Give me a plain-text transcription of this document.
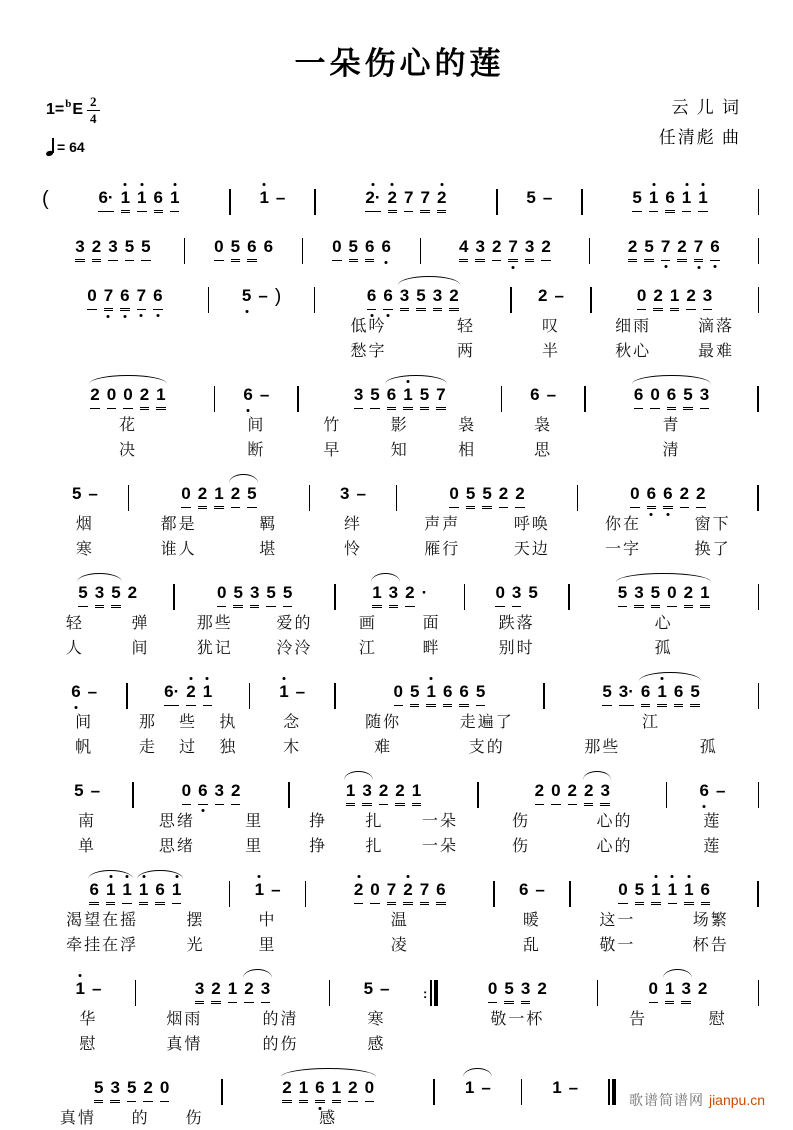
一朵伤心的莲
1= b E $\frac{2}{4}$
= 64
云 儿 词
任清彪 曲
(	6· 1 1 6 1	1 –	2· 2 7 7 2	5 –	5 1 6 1 1
3 2 3 5 5	0 5 6 6	0 5 6 6	4 3 2 7 3 2	2 5 7 2 7 6
0 7 6 7 6	5 – )	6 6 3 5 3 2
低吟	轻
愁字	两
2 –
叹
半
0 2 1 2 3
细雨	滴落
秋心	最难
2 0 0 2 1
花
决
6 –
间
断
3 5 6 1 5 7
竹	影	袅
早	知	相
6 –
袅
思
6 0 6 5 3
青
清
5 –
烟
寒
0 2 1 2 5
都是	羁
谁人	堪
3 –
绊
怜
0 5 5 2 2
声声	呼唤
雁行	天边
0 6 6 2 2
你在	窗下
一字	换了
5 3 5 2
轻	弹
人	间
0 5 3 5 5
那些	爱的
犹记	泠泠
1 3 2 ·
画	面
江	畔
0 3 5
跌落
别时
5 3 5 0 2 1
心
孤
6 –
间
帆
6· 2 1
那 些 执
走 过 独
1 –
念
木
0 5 1 6 6 5
随你	走遍了
难	支的
5 3· 6 1 6 5
江
那些	孤
5 –
南
单
0 6 3 2
思绪	里
思绪	里
1 3 2 2 1
挣 扎 一朵
挣 扎 一朵
2 0 2 2 3
伤	心的
伤	心的
6 –
莲
莲
6 1 1 1 6 1
渴望在摇	摆
牵挂在浮	光
1 –
中
里
2 0 7 2 7 6
温
凌
6 –
暖
乱
0 5 1 1 1 6
这一	场繁
敬一	杯告
1 –
华
慰
3 2 1 2 3
烟雨	的清
真情	的伤
5 –
寒
感
:	0 5 3 2
敬一杯
0 1 3 2
告	慰
5 3 5 2 0
真情 的 伤
2 1 6 1 2 0
感
1 –	1 –
歌谱简谱网 jianpu.cn
